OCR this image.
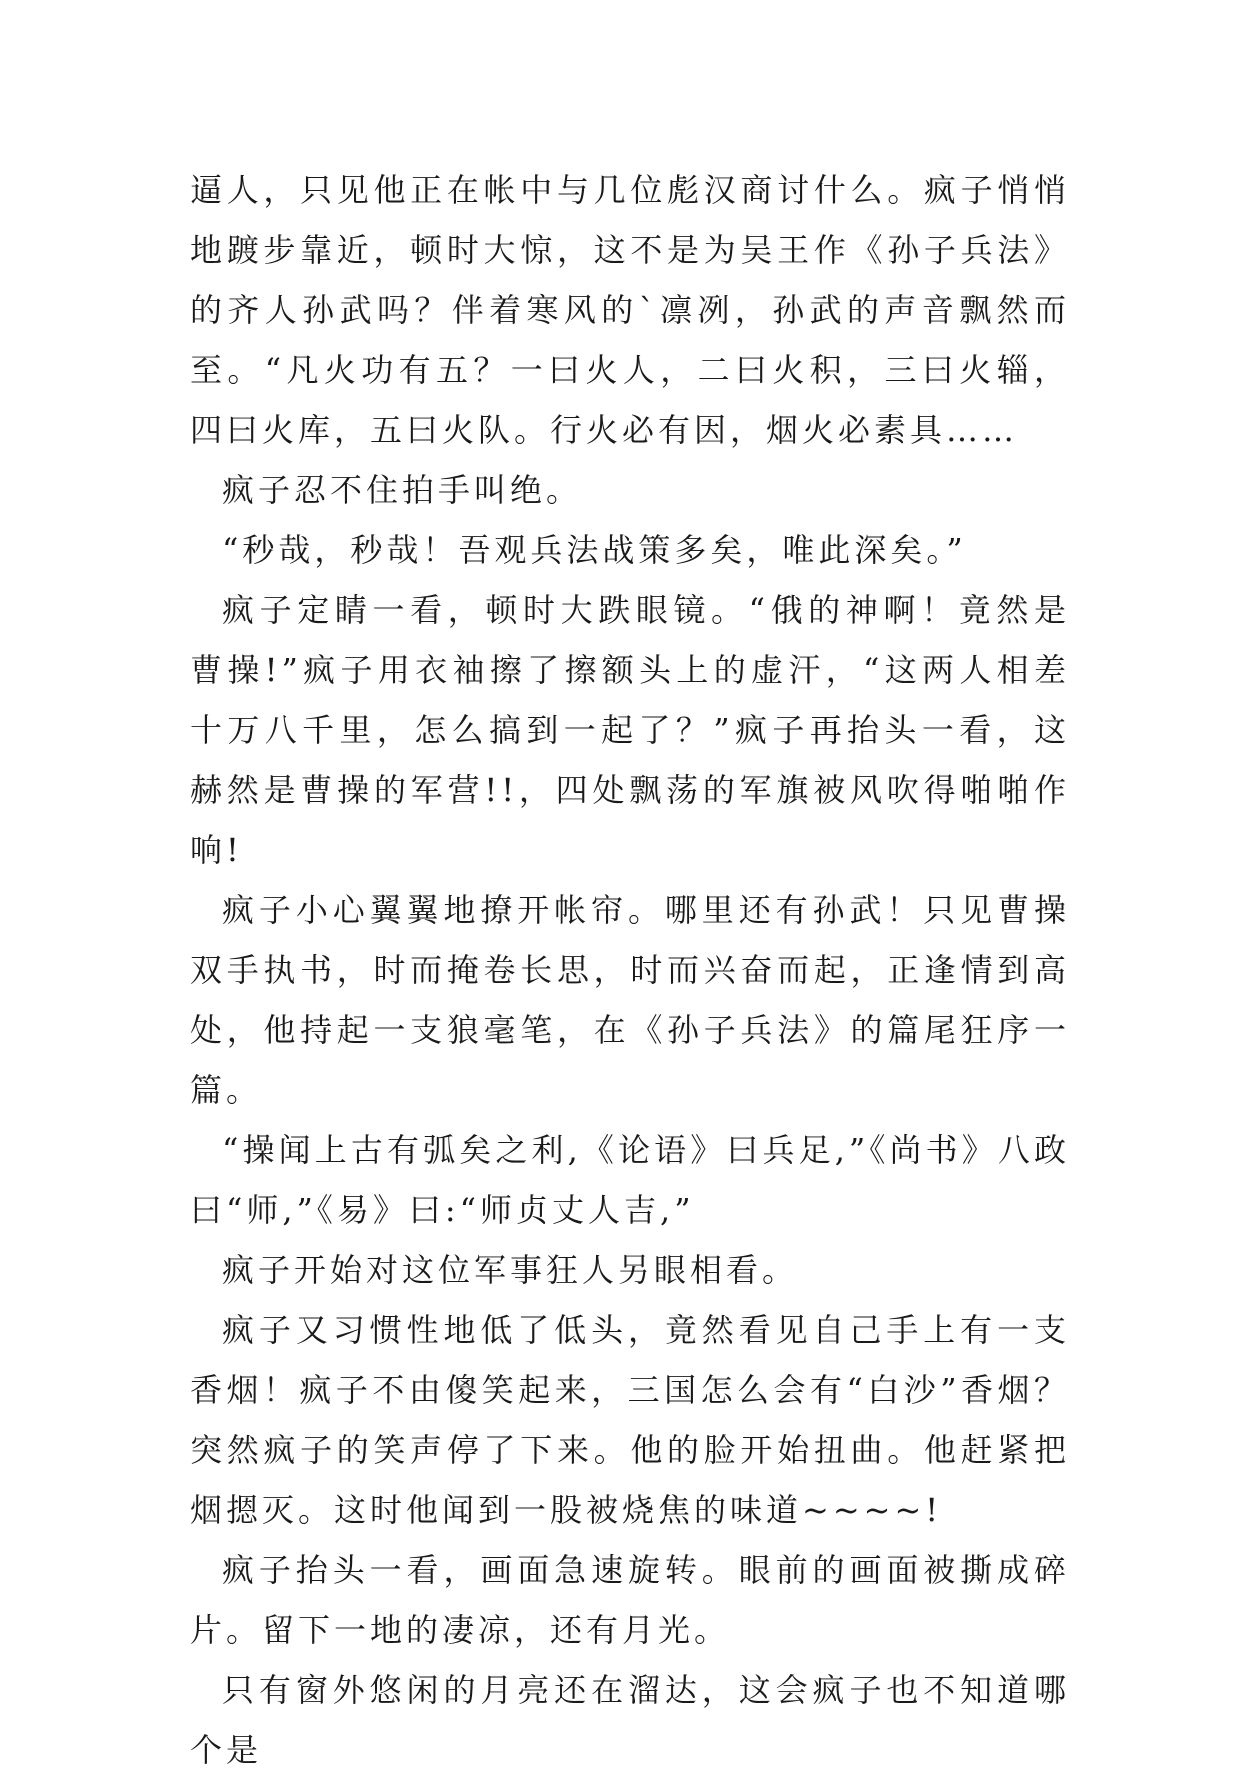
逼人，只见他正在帐中与几位彪汉商讨什么。疯子悄悄地踱步靠近，顿时大惊，这不是为吴王作《孙子兵法》的齐人孙武吗？伴着寒风的`凛冽，孙武的声音飘然而至。“凡火功有五？一曰火人，二曰火积，三曰火辎，四曰火库，五曰火队。行火必有因，烟火必素具……

疯子忍不住拍手叫绝。

“秒哉，秒哉！吾观兵法战策多矣，唯此深矣。”

疯子定睛一看，顿时大跌眼镜。“俄的神啊！竟然是曹操!”疯子用衣袖擦了擦额头上的虚汗，“这两人相差十万八千里，怎么搞到一起了？”疯子再抬头一看，这赫然是曹操的军营!!，四处飘荡的军旗被风吹得啪啪作响!

疯子小心翼翼地撩开帐帘。哪里还有孙武！只见曹操双手执书，时而掩卷长思，时而兴奋而起，正逢情到高处，他持起一支狼毫笔，在《孙子兵法》的篇尾狂序一篇。

“操闻上古有弧矣之利,《论语》曰兵足,”《尚书》八政曰“师,”《易》曰:“师贞丈人吉,”

疯子开始对这位军事狂人另眼相看。

疯子又习惯性地低了低头，竟然看见自己手上有一支香烟！疯子不由傻笑起来，三国怎么会有“白沙”香烟？突然疯子的笑声停了下来。他的脸开始扭曲。他赶紧把烟摁灭。这时他闻到一股被烧焦的味道~~~~!

疯子抬头一看，画面急速旋转。眼前的画面被撕成碎片。留下一地的凄凉，还有月光。

只有窗外悠闲的月亮还在溜达，这会疯子也不知道哪个是
